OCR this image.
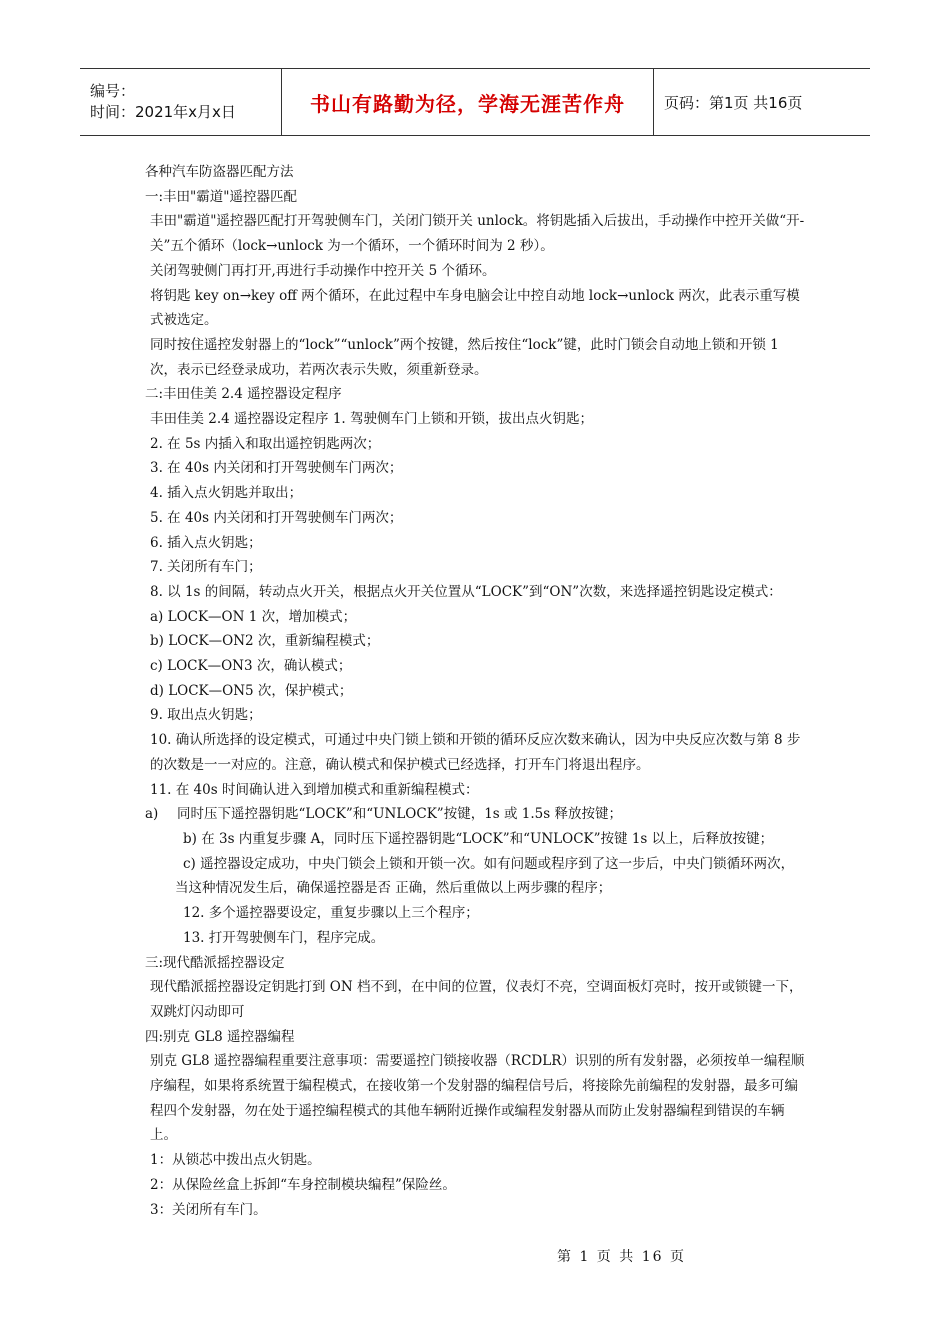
编号：
时间：2021年x月x日	书山有路勤为径，学海无涯苦作舟	页码：第1页 共16页

各种汽车防盗器匹配方法

一:丰田"霸道"遥控器匹配

丰田"霸道"遥控器匹配打开驾驶侧车门，关闭门锁开关 unlock。将钥匙插入后拔出，手动操作中控开关做“开-关”五个循环（lock→unlock 为一个循环，一个循环时间为 2 秒）。

关闭驾驶侧门再打开,再进行手动操作中控开关 5 个循环。

将钥匙 key on→key off 两个循环，在此过程中车身电脑会让中控自动地 lock→unlock 两次，此表示重写模式被选定。

同时按住遥控发射器上的“lock”“unlock”两个按键，然后按住“lock”键，此时门锁会自动地上锁和开锁 1 次，表示已经登录成功，若两次表示失败，须重新登录。

二:丰田佳美 2.4 遥控器设定程序

丰田佳美 2.4 遥控器设定程序 1. 驾驶侧车门上锁和开锁，拔出点火钥匙；

2. 在 5s 内插入和取出遥控钥匙两次；

3. 在 40s 内关闭和打开驾驶侧车门两次；

4. 插入点火钥匙并取出；

5. 在 40s 内关闭和打开驾驶侧车门两次；

6. 插入点火钥匙；

7. 关闭所有车门；

8. 以 1s 的间隔，转动点火开关，根据点火开关位置从“LOCK”到“ON”次数，来选择遥控钥匙设定模式：

a) LOCK—ON 1 次，增加模式；

b) LOCK—ON2 次，重新编程模式；

c) LOCK—ON3 次，确认模式；

d) LOCK—ON5 次，保护模式；

9. 取出点火钥匙；

10. 确认所选择的设定模式，可通过中央门锁上锁和开锁的循环反应次数来确认，因为中央反应次数与第 8 步的次数是一一对应的。注意，确认模式和保护模式已经选择，打开车门将退出程序。

11. 在 40s 时间确认进入到增加模式和重新编程模式：

a) 同时压下遥控器钥匙“LOCK”和“UNLOCK”按键，1s 或 1.5s 释放按键；

b) 在 3s 内重复步骤 A，同时压下遥控器钥匙“LOCK”和“UNLOCK”按键 1s 以上，后释放按键；

c) 遥控器设定成功，中央门锁会上锁和开锁一次。如有问题或程序到了这一步后，中央门锁循环两次，当这种情况发生后，确保遥控器是否 正确，然后重做以上两步骤的程序；

12. 多个遥控器要设定，重复步骤以上三个程序；

13. 打开驾驶侧车门，程序完成。

三:现代酷派摇控器设定

现代酷派摇控器设定钥匙打到 ON 档不到，在中间的位置，仪表灯不亮，空调面板灯亮时，按开或锁键一下，双跳灯闪动即可

四:别克 GL8 遥控器编程

别克 GL8 遥控器编程重要注意事项：需要遥控门锁接收器（RCDLR）识别的所有发射器，必须按单一编程顺序编程，如果将系统置于编程模式，在接收第一个发射器的编程信号后，将接除先前编程的发射器，最多可编程四个发射器，勿在处于遥控编程模式的其他车辆附近操作或编程发射器从而防止发射器编程到错误的车辆上。

1：从锁芯中拨出点火钥匙。

2：从保险丝盒上拆卸“车身控制模块编程”保险丝。

3：关闭所有车门。

第 1 页 共 16 页
